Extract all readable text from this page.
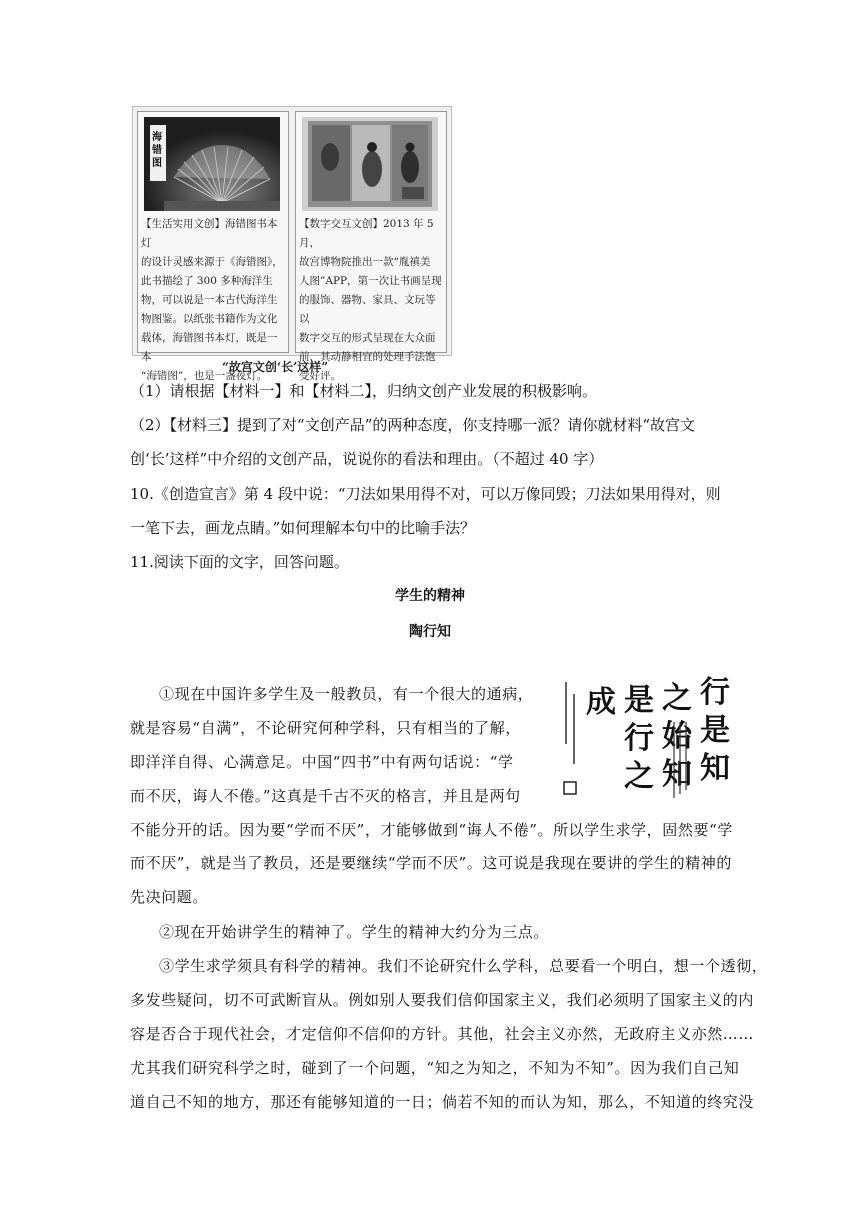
海错图
【生活实用文创】海错图书本灯
的设计灵感来源于《海错图》，
此书描绘了 300 多种海洋生
物，可以说是一本古代海洋生
物图鉴。以纸张书籍作为文化
载体，海错图书本灯，既是一本
“海错图”，也是一盏夜灯。
【数字交互文创】2013 年 5 月，
故宫博物院推出一款“胤禛美
人图”APP，第一次让书画呈现
的服饰、器物、家具、文玩等以
数字交互的形式呈现在大众面
前，其动静相宜的处理手法饱
受好评。
“故宫文创‘长’这样”
（1）请根据【材料一】和【材料二】，归纳文创产业发展的积极影响。
（2）【材料三】提到了对“文创产品”的两种态度，你支持哪一派？请你就材料“故宫文
创‘长’这样”中介绍的文创产品，说说你的看法和理由。（不超过 40 字）
10.《创造宣言》第 4 段中说：“刀法如果用得不对，可以万像同毁；刀法如果用得对，则
一笔下去，画龙点睛。”如何理解本句中的比喻手法？
11.阅读下面的文字，回答问题。
学生的精神
陶行知
①现在中国许多学生及一般教员，有一个很大的通病，
就是容易“自满”，不论研究何种学科，只有相当的了解，
即洋洋自得、心满意足。中国“四书”中有两句话说：“学
而不厌，诲人不倦。”这真是千古不灭的格言，并且是两句
不能分开的话。因为要“学而不厌”，才能够做到“诲人不倦”。所以学生求学，固然要“学
而不厌”，就是当了教员，还是要继续“学而不厌”。这可说是我现在要讲的学生的精神的
先决问题。
②现在开始讲学生的精神了。学生的精神大约分为三点。
③学生求学须具有科学的精神。我们不论研究什么学科，总要看一个明白，想一个透彻，
多发些疑问，切不可武断盲从。例如别人要我们信仰国家主义，我们必须明了国家主义的内
容是否合于现代社会，才定信仰不信仰的方针。其他，社会主义亦然，无政府主义亦然……
尤其我们研究科学之时，碰到了一个问题，“知之为知之，不知为不知”。因为我们自己知
道自己不知的地方，那还有能够知道的一日；倘若不知的而认为知，那么，不知道的终究没
行是知
之始知
是行之
成
